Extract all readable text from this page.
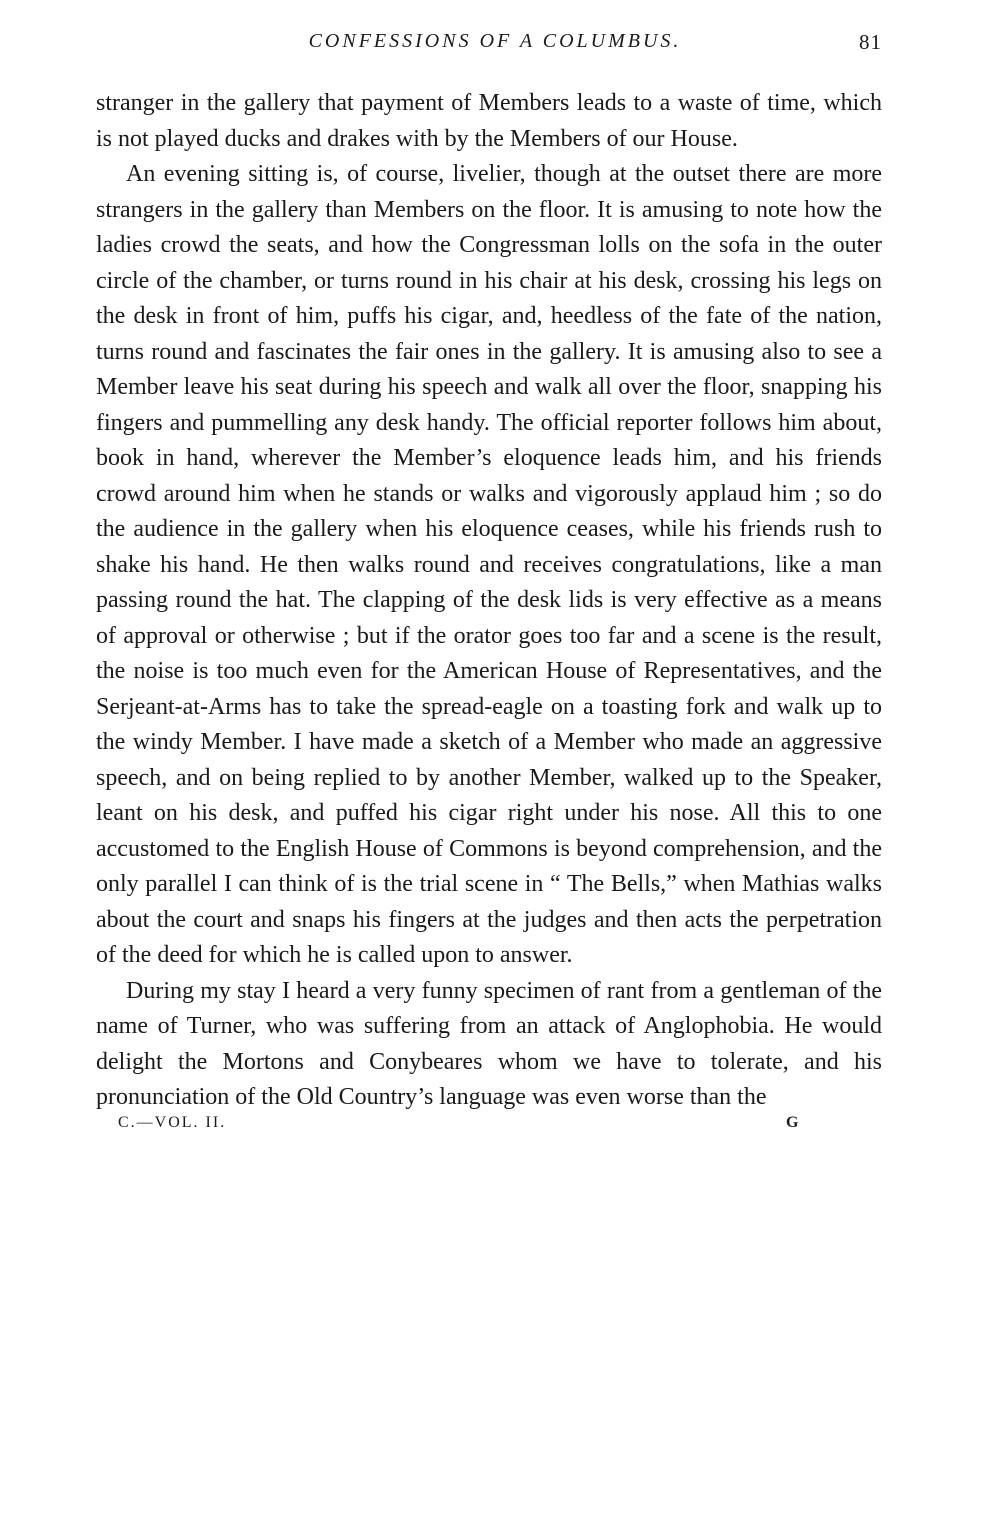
CONFESSIONS OF A COLUMBUS.	81

stranger in the gallery that payment of Members leads to a waste of time, which is not played ducks and drakes with by the Members of our House.

An evening sitting is, of course, livelier, though at the outset there are more strangers in the gallery than Members on the floor. It is amusing to note how the ladies crowd the seats, and how the Congressman lolls on the sofa in the outer circle of the chamber, or turns round in his chair at his desk, crossing his legs on the desk in front of him, puffs his cigar, and, heedless of the fate of the nation, turns round and fascinates the fair ones in the gallery. It is amusing also to see a Member leave his seat during his speech and walk all over the floor, snapping his fingers and pummelling any desk handy. The official reporter follows him about, book in hand, wherever the Member’s eloquence leads him, and his friends crowd around him when he stands or walks and vigorously applaud him ; so do the audience in the gallery when his eloquence ceases, while his friends rush to shake his hand. He then walks round and receives congratulations, like a man passing round the hat. The clapping of the desk lids is very effective as a means of approval or otherwise ; but if the orator goes too far and a scene is the result, the noise is too much even for the American House of Representatives, and the Serjeant-at-Arms has to take the spread-eagle on a toasting fork and walk up to the windy Member. I have made a sketch of a Member who made an aggressive speech, and on being replied to by another Member, walked up to the Speaker, leant on his desk, and puffed his cigar right under his nose. All this to one accustomed to the English House of Commons is beyond comprehension, and the only parallel I can think of is the trial scene in “ The Bells,” when Mathias walks about the court and snaps his fingers at the judges and then acts the perpetration of the deed for which he is called upon to answer.

During my stay I heard a very funny specimen of rant from a gentleman of the name of Turner, who was suffering from an attack of Anglophobia. He would delight the Mortons and Conybeares whom we have to tolerate, and his pronunciation of the Old Country’s language was even worse than the

C.—VOL. II.	G
